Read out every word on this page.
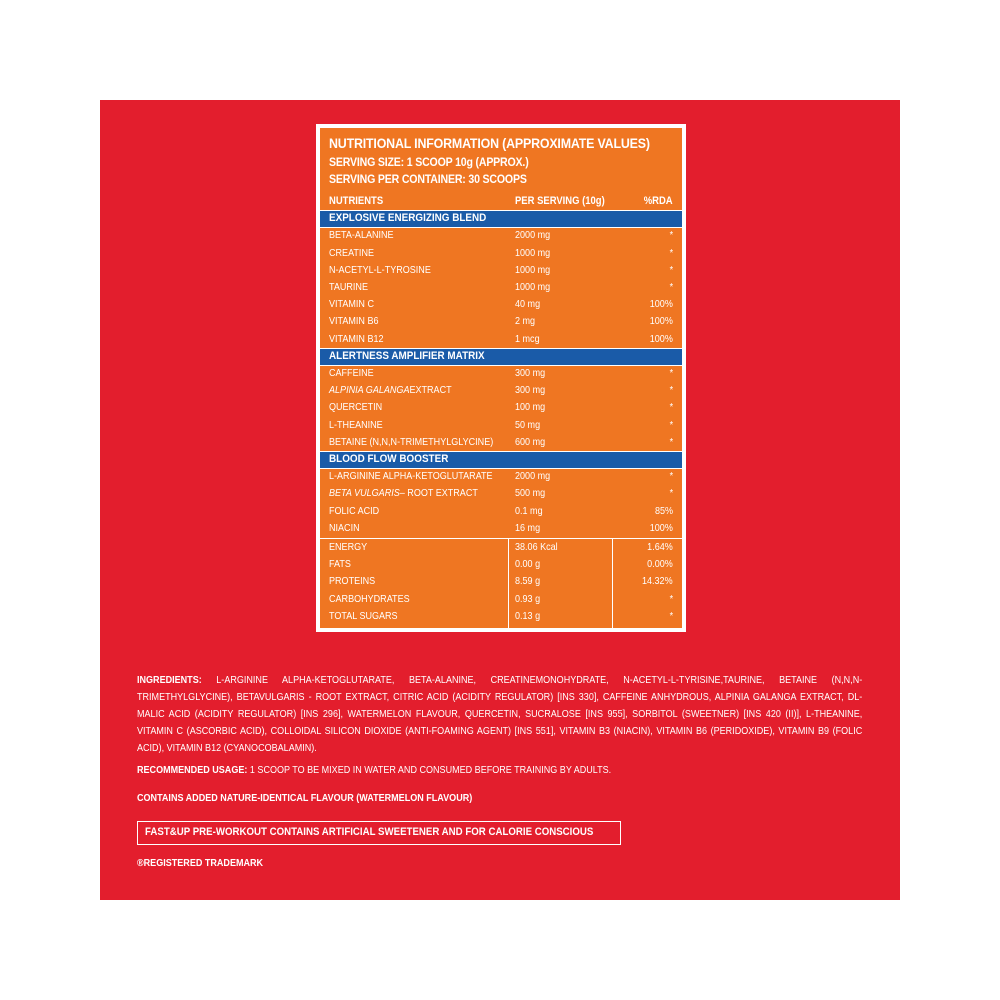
NUTRITIONAL INFORMATION (APPROXIMATE VALUES)
SERVING SIZE: 1 SCOOP 10g (APPROX.)
SERVING PER CONTAINER: 30 SCOOPS
NUTRIENTS	PER SERVING (10g)	%RDA
EXPLOSIVE ENERGIZING BLEND
BETA-ALANINE	2000 mg	*
CREATINE	1000 mg	*
N-ACETYL-L-TYROSINE	1000 mg	*
TAURINE	1000 mg	*
VITAMIN C	40 mg	100%
VITAMIN B6	2 mg	100%
VITAMIN B12	1 mcg	100%
ALERTNESS AMPLIFIER MATRIX
CAFFEINE	300 mg	*
ALPINIA GALANGAEXTRACT	300 mg	*
QUERCETIN	100 mg	*
L-THEANINE	50 mg	*
BETAINE (N,N,N-TRIMETHYLGLYCINE) 600 mg	*
BLOOD FLOW BOOSTER
L-ARGININE ALPHA-KETOGLUTARATE 2000 mg	*
BETA VULGARIS– ROOT EXTRACT	500 mg	*
FOLIC ACID	0.1 mg	85%
NIACIN	16 mg	100%
ENERGY	38.06 Kcal	1.64%
FATS	0.00 g	0.00%
PROTEINS	8.59 g	14.32%
CARBOHYDRATES	0.93 g	*
TOTAL SUGARS	0.13 g	*
INGREDIENTS: L-ARGININE ALPHA-KETOGLUTARATE, BETA-ALANINE, CREATINEMONOHYDRATE, N-ACETYL-L-TYRISINE,TAURINE, BETAINE (N,N,N- TRIMETHYLGLYCINE), BETAVULGARIS - ROOT EXTRACT, CITRIC ACID (ACIDITY REGULATOR) [INS 330], CAFFEINE ANHYDROUS, ALPINIA GALANGA EXTRACT, DL-MALIC ACID (ACIDITY REGULATOR) [INS 296], WATERMELON FLAVOUR, QUERCETIN, SUCRALOSE [INS 955], SORBITOL (SWEETNER) [INS 420 (II)], L-THEANINE, VITAMIN C (ASCORBIC ACID), COLLOIDAL SILICON DIOXIDE (ANTI-FOAMING AGENT) [INS 551], VITAMIN B3 (NIACIN), VITAMIN B6 (PERIDOXIDE), VITAMIN B9 (FOLIC ACID), VITAMIN B12 (CYANOCOBALAMIN).
RECOMMENDED USAGE: 1 SCOOP TO BE MIXED IN WATER AND CONSUMED BEFORE TRAINING BY ADULTS.
CONTAINS ADDED NATURE-IDENTICAL FLAVOUR (WATERMELON FLAVOUR)
FAST&UP PRE-WORKOUT CONTAINS ARTIFICIAL SWEETENER AND FOR CALORIE CONSCIOUS
®REGISTERED TRADEMARK
